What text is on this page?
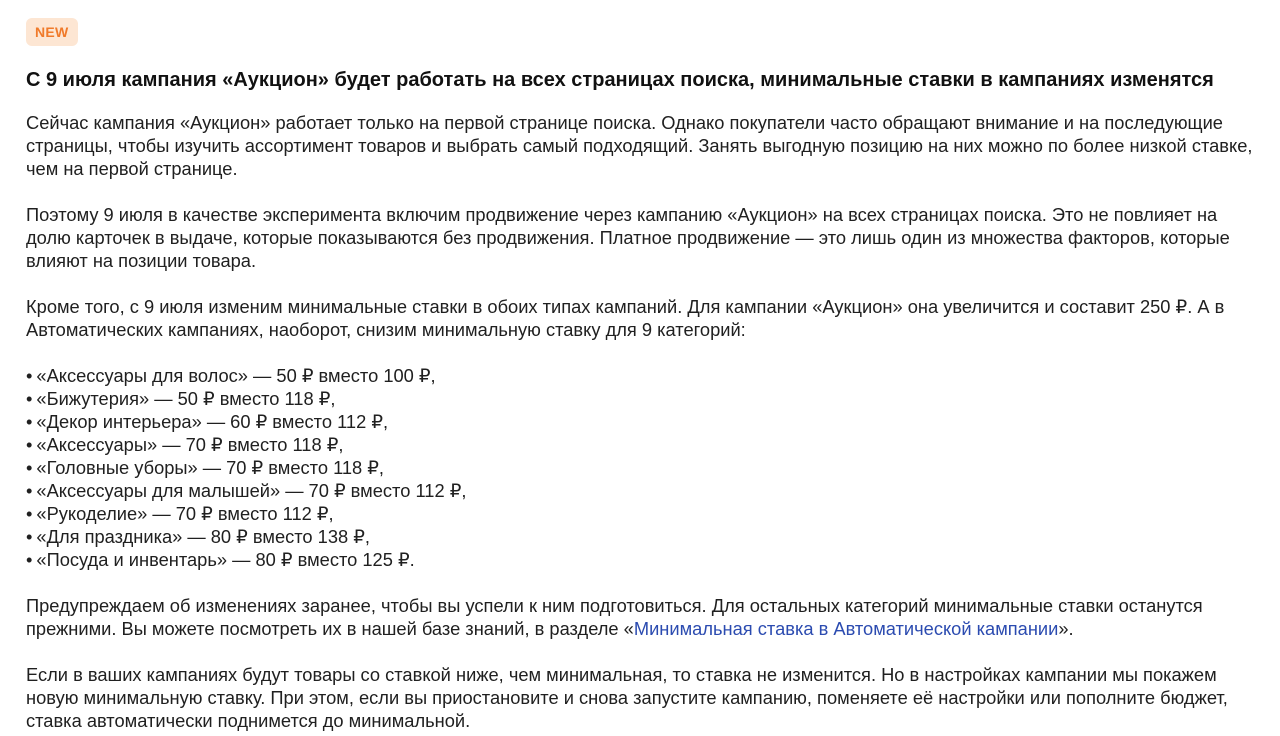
NEW
С 9 июля кампания «Аукцион» будет работать на всех страницах поиска, минимальные ставки в кампаниях изменятся

Сейчас кампания «Аукцион» работает только на первой странице поиска. Однако покупатели часто обращают внимание и на последующие страницы, чтобы изучить ассортимент товаров и выбрать самый подходящий. Занять выгодную позицию на них можно по более низкой ставке, чем на первой странице.

Поэтому 9 июля в качестве эксперимента включим продвижение через кампанию «Аукцион» на всех страницах поиска. Это не повлияет на долю карточек в выдаче, которые показываются без продвижения. Платное продвижение — это лишь один из множества факторов, которые влияют на позиции товара.

Кроме того, с 9 июля изменим минимальные ставки в обоих типах кампаний. Для кампании «Аукцион» она увеличится и составит 250 ₽. А в Автоматических кампаниях, наоборот, снизим минимальную ставку для 9 категорий:

• «Аксессуары для волос» — 50 ₽ вместо 100 ₽,
• «Бижутерия» — 50 ₽ вместо 118 ₽,
• «Декор интерьера» — 60 ₽ вместо 112 ₽,
• «Аксессуары» — 70 ₽ вместо 118 ₽,
• «Головные уборы» — 70 ₽ вместо 118 ₽,
• «Аксессуары для малышей» — 70 ₽ вместо 112 ₽,
• «Рукоделие» — 70 ₽ вместо 112 ₽,
• «Для праздника» — 80 ₽ вместо 138 ₽,
• «Посуда и инвентарь» — 80 ₽ вместо 125 ₽.

Предупреждаем об изменениях заранее, чтобы вы успели к ним подготовиться. Для остальных категорий минимальные ставки останутся прежними. Вы можете посмотреть их в нашей базе знаний, в разделе «Минимальная ставка в Автоматической кампании».

Если в ваших кампаниях будут товары со ставкой ниже, чем минимальная, то ставка не изменится. Но в настройках кампании мы покажем новую минимальную ставку. При этом, если вы приостановите и снова запустите кампанию, поменяете её настройки или пополните бюджет, ставка автоматически поднимется до минимальной.
